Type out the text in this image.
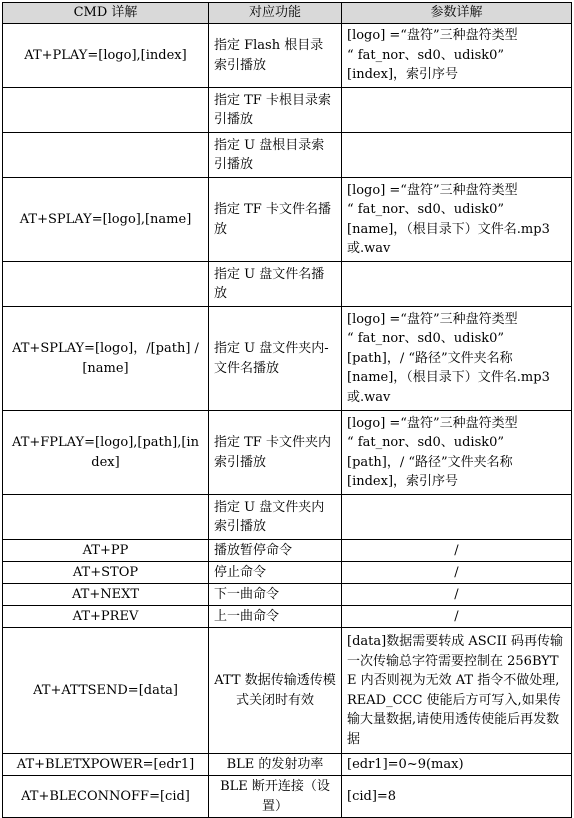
CMD 详解	对应功能	参数详解
AT+PLAY=[logo],[index]	指定 Flash 根目录索引播放	[logo] =“盘符”三种盘符类型
“ fat_nor、sd0、udisk0”
[index]，索引序号

	指定 TF 卡根目录索引播放	
	指定 U 盘根目录索引播放	
AT+SPLAY=[logo],[name]	指定 TF 卡文件名播放	[logo] =“盘符”三种盘符类型
“ fat_nor、sd0、udisk0”
[name]，（根目录下）文件名.mp3 或.wav

	指定 U 盘文件名播放	
AT+SPLAY=[logo]，/[path] / [name]	指定 U 盘文件夹内-文件名播放	[logo] =“盘符”三种盘符类型
“ fat_nor、sd0、udisk0”
[path]，/ “路径”文件夹名称
[name]，（根目录下）文件名.mp3 或.wav

AT+FPLAY=[logo],[path],[index]	指定 TF 卡文件夹内索引播放	[logo] =“盘符”三种盘符类型
“ fat_nor、sd0、udisk0”
[path]，/ “路径”文件夹名称
[index]，索引序号

	指定 U 盘文件夹内索引播放	
AT+PP	播放暂停命令	/
AT+STOP	停止命令	/
AT+NEXT	下一曲命令	/
AT+PREV	上一曲命令	/
AT+ATTSEND=[data]	ATT 数据传输透传模式关闭时有效	[data]数据需要转成 ASCII 码再传输一次传输总字符需要控制在 256BYTE 内否则视为无效 AT 指令不做处理,READ_CCC 使能后方可写入,如果传输大量数据,请使用透传使能后再发数据
AT+BLETXPOWER=[edr1]	BLE 的发射功率	[edr1]=0~9(max)
AT+BLECONNOFF=[cid]	BLE 断开连接（设置）	[cid]=8
